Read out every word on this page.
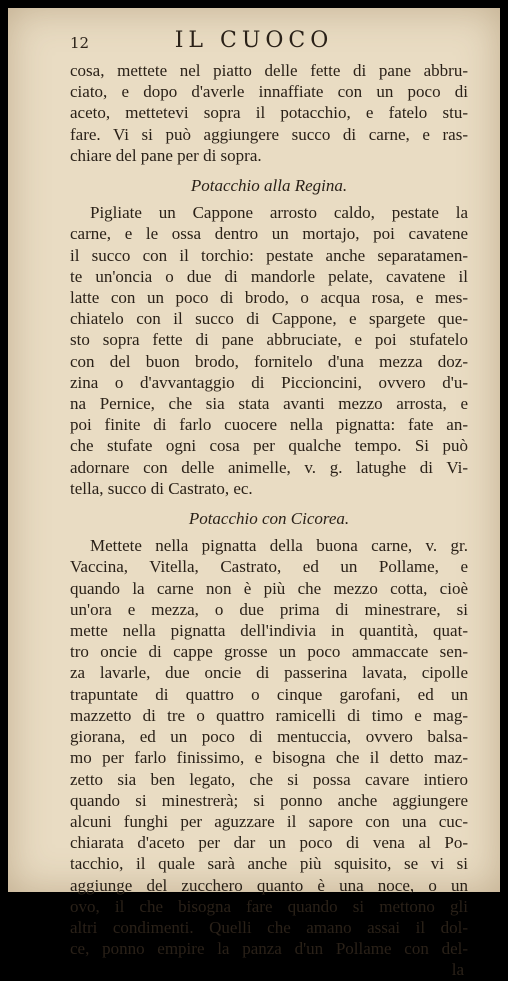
12	IL CUOCO
cosa, mettete nel piatto delle fette di pane abbru-
ciato, e dopo d'averle innaffiate con un poco di
aceto, mettetevi sopra il potacchio, e fatelo stu-
fare. Vi si può aggiungere succo di carne, e ras-
chiare del pane per di sopra.
Potacchio alla Regina.
Pigliate un Cappone arrosto caldo, pestate la
carne, e le ossa dentro un mortajo, poi cavatene
il succo con il torchio: pestate anche separatamen-
te un'oncia o due di mandorle pelate, cavatene il
latte con un poco di brodo, o acqua rosa, e mes-
chiatelo con il succo di Cappone, e spargete que-
sto sopra fette di pane abbruciate, e poi stufatelo
con del buon brodo, fornitelo d'una mezza doz-
zina o d'avvantaggio di Piccioncini, ovvero d'u-
na Pernice, che sia stata avanti mezzo arrosta, e
poi finite di farlo cuocere nella pignatta: fate an-
che stufate ogni cosa per qualche tempo. Si può
adornare con delle animelle, v. g. latughe di Vi-
tella, succo di Castrato, ec.
Potacchio con Cicorea.
Mettete nella pignatta della buona carne, v. gr.
Vaccina, Vitella, Castrato, ed un Pollame, e
quando la carne non è più che mezzo cotta, cioè
un'ora e mezza, o due prima di minestrare, si
mette nella pignatta dell'indivia in quantità, quat-
tro oncie di cappe grosse un poco ammaccate sen-
za lavarle, due oncie di passerina lavata, cipolle
trapuntate di quattro o cinque garofani, ed un
mazzetto di tre o quattro ramicelli di timo e mag-
giorana, ed un poco di mentuccia, ovvero balsa-
mo per farlo finissimo, e bisogna che il detto maz-
zetto sia ben legato, che si possa cavare intiero
quando si minestrerà; si ponno anche aggiungere
alcuni funghi per aguzzare il sapore con una cuc-
chiarata d'aceto per dar un poco di vena al Po-
tacchio, il quale sarà anche più squisito, se vi si
aggiunge del zucchero quanto è una noce, o un
ovo, il che bisogna fare quando si mettono gli
altri condimenti. Quelli che amano assai il dol-
ce, ponno empire la panza d'un Pollame con del-
la
